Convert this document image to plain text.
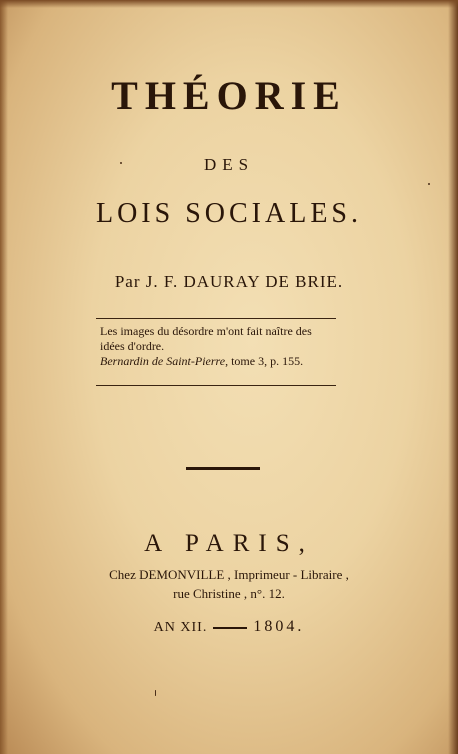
THÉORIE
DES
LOIS SOCIALES.
Par J. F. DAURAY DE BRIE.
Les images du désordre m'ont fait naître des
idées d'ordre.
Bernardin de Saint-Pierre, tome 3, p. 155.
A PARIS,
Chez DEMONVILLE , Imprimeur - Libraire ,
rue Christine , n°. 12.
AN XII.	1804.
